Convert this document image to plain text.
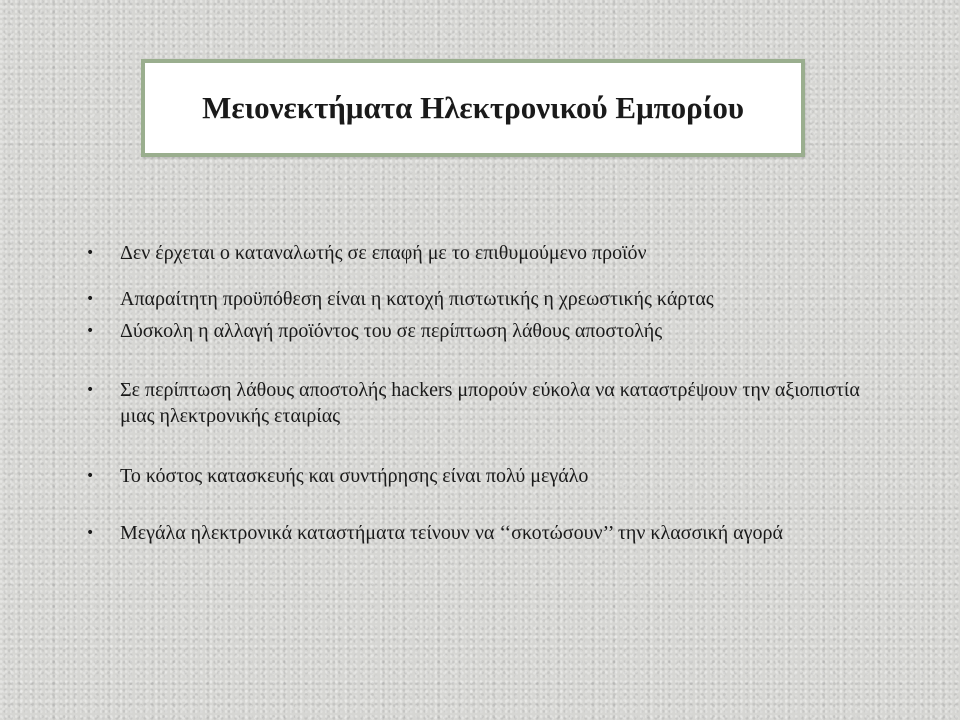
Μειονεκτήματα Ηλεκτρονικού Εμπορίου
•	Δεν έρχεται ο καταναλωτής σε επαφή με το επιθυμούμενο προϊόν
•	Απαραίτητη προϋπόθεση είναι η κατοχή πιστωτικής η χρεωστικής κάρτας
•	Δύσκολη η αλλαγή προϊόντος του σε περίπτωση λάθους αποστολής
•	Σε περίπτωση λάθους αποστολής hackers μπορούν εύκολα να καταστρέψουν την αξιοπιστία μιας ηλεκτρονικής εταιρίας
•	Το κόστος κατασκευής και συντήρησης είναι πολύ μεγάλο
•	Μεγάλα ηλεκτρονικά καταστήματα τείνουν να ‘‘σκοτώσουν’’ την κλασσική αγορά
